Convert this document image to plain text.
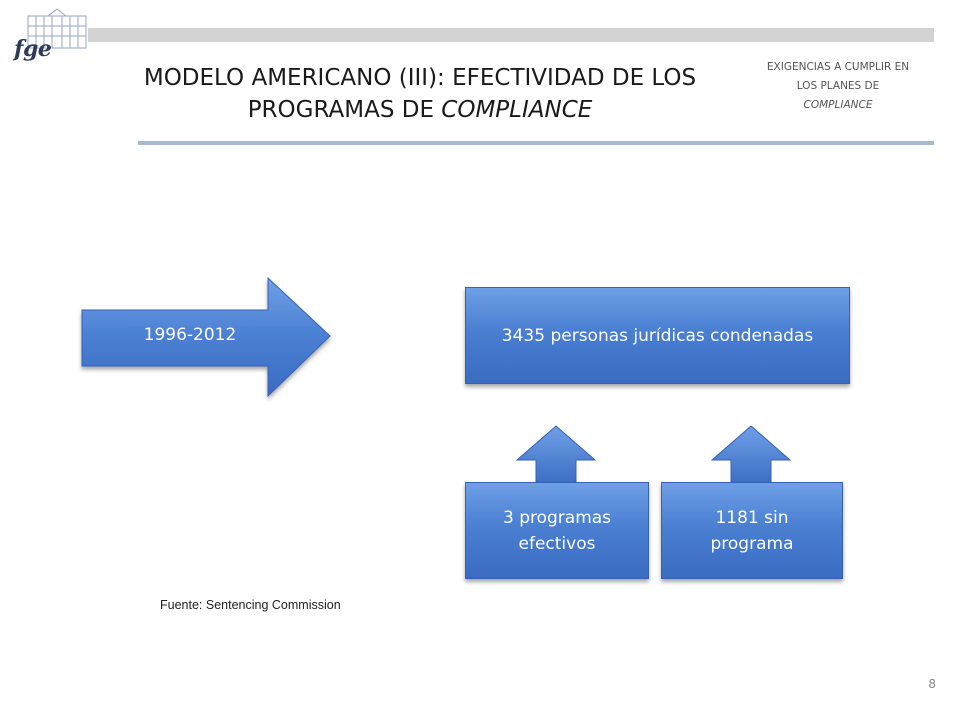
fge
MODELO AMERICANO (III): EFECTIVIDAD DE LOS
PROGRAMAS DE COMPLIANCE
EXIGENCIAS A CUMPLIR EN
LOS PLANES DE
COMPLIANCE
1996-2012	3435 personas jurídicas condenadas
3 programas
efectivos
1181 sin
programa
Fuente: Sentencing Commission
8
